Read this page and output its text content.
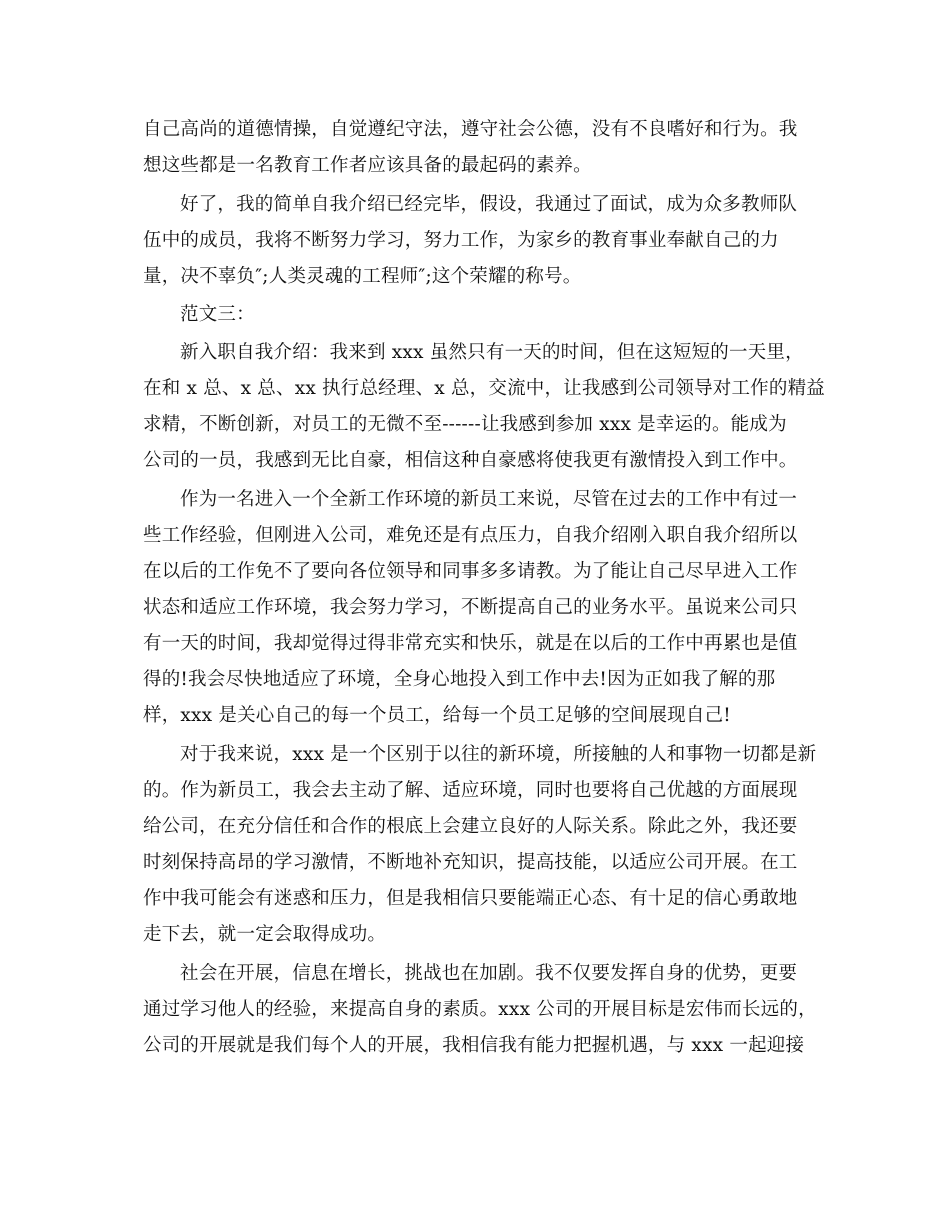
自己高尚的道德情操，自觉遵纪守法，遵守社会公德，没有不良嗜好和行为。我
想这些都是一名教育工作者应该具备的最起码的素养。
好了，我的简单自我介绍已经完毕，假设，我通过了面试，成为众多教师队
伍中的成员，我将不断努力学习，努力工作，为家乡的教育事业奉献自己的力
量，决不辜负″;人类灵魂的工程师″;这个荣耀的称号。
范文三：
新入职自我介绍：我来到 xxx 虽然只有一天的时间，但在这短短的一天里，
在和 x 总、x 总、xx 执行总经理、x 总，交流中，让我感到公司领导对工作的精益
求精，不断创新，对员工的无微不至------让我感到参加 xxx 是幸运的。能成为
公司的一员，我感到无比自豪，相信这种自豪感将使我更有激情投入到工作中。
作为一名进入一个全新工作环境的新员工来说，尽管在过去的工作中有过一
些工作经验，但刚进入公司，难免还是有点压力，自我介绍刚入职自我介绍所以
在以后的工作免不了要向各位领导和同事多多请教。为了能让自己尽早进入工作
状态和适应工作环境，我会努力学习，不断提高自己的业务水平。虽说来公司只
有一天的时间，我却觉得过得非常充实和快乐，就是在以后的工作中再累也是值
得的!我会尽快地适应了环境，全身心地投入到工作中去!因为正如我了解的那
样，xxx 是关心自己的每一个员工，给每一个员工足够的空间展现自己!
对于我来说，xxx 是一个区别于以往的新环境，所接触的人和事物一切都是新
的。作为新员工，我会去主动了解、适应环境，同时也要将自己优越的方面展现
给公司，在充分信任和合作的根底上会建立良好的人际关系。除此之外，我还要
时刻保持高昂的学习激情，不断地补充知识，提高技能，以适应公司开展。在工
作中我可能会有迷惑和压力，但是我相信只要能端正心态、有十足的信心勇敢地
走下去，就一定会取得成功。
社会在开展，信息在增长，挑战也在加剧。我不仅要发挥自身的优势，更要
通过学习他人的经验，来提高自身的素质。xxx 公司的开展目标是宏伟而长远的，
公司的开展就是我们每个人的开展，我相信我有能力把握机遇，与 xxx 一起迎接
